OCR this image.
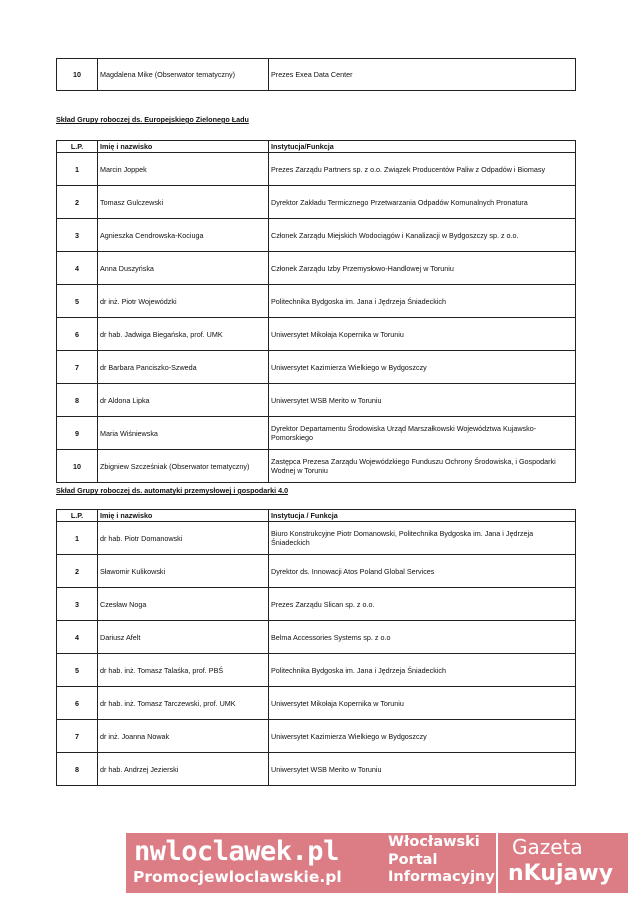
10	Magdalena Mike (Obserwator tematyczny)	Prezes Exea Data Center
Skład Grupy roboczej ds. Europejskiego Zielonego Ładu
L.P.	Imię i nazwisko	Instytucja/Funkcja
1	Marcin Joppek	Prezes Zarządu Partners sp. z o.o. Związek Producentów Paliw z Odpadów i Biomasy
2	Tomasz Gulczewski	Dyrektor Zakładu Termicznego Przetwarzania Odpadów Komunalnych Pronatura
3	Agnieszka Cendrowska-Kociuga	Członek Zarządu Miejskich Wodociągów i Kanalizacji w Bydgoszczy sp. z o.o.
4	Anna Duszyńska	Członek Zarządu Izby Przemysłowo-Handlowej w Toruniu
5	dr inż. Piotr Wojewódzki	Politechnika Bydgoska im. Jana i Jędrzeja Śniadeckich
6	dr hab. Jadwiga Biegańska, prof. UMK	Uniwersytet Mikołaja Kopernika w Toruniu
7	dr Barbara Panciszko-Szweda	Uniwersytet Kazimierza Wielkiego w Bydgoszczy
8	dr Aldona Lipka	Uniwersytet WSB Merito w Toruniu
9	Maria Wiśniewska	Dyrektor Departamentu Środowiska Urząd Marszałkowski Województwa Kujawsko-Pomorskiego
10	Zbigniew Szcześniak (Obserwator tematyczny)	Zastępca Prezesa Zarządu Wojewódzkiego Funduszu Ochrony Środowiska, i Gospodarki Wodnej w Toruniu
Skład Grupy roboczej ds. automatyki przemysłowej i gospodarki 4.0
L.P.	Imię i nazwisko	Instytucja / Funkcja
1	dr hab. Piotr Domanowski	Biuro Konstrukcyjne Piotr Domanowski, Politechnika Bydgoska im. Jana i Jędrzeja Śniadeckich
2	Sławomir Kulikowski	Dyrektor ds. Innowacji Atos Poland Global Services
3	Czesław Noga	Prezes Zarządu Slican sp. z o.o.
4	Dariusz Afelt	Belma Accessories Systems sp. z o.o
5	dr hab. inż. Tomasz Talaśka, prof. PBŚ	Politechnika Bydgoska im. Jana i Jędrzeja Śniadeckich
6	dr hab. inż. Tomasz Tarczewski, prof. UMK	Uniwersytet Mikołaja Kopernika w Toruniu
7	dr inż. Joanna Nowak	Uniwersytet Kazimierza Wielkiego w Bydgoszczy
8	dr hab. Andrzej Jezierski	Uniwersytet WSB Merito w Toruniu
nwloclawek.pl
Promocjewloclawskie.pl
Włocławski
Portal
Informacyjny
Gazeta
nKujawy
